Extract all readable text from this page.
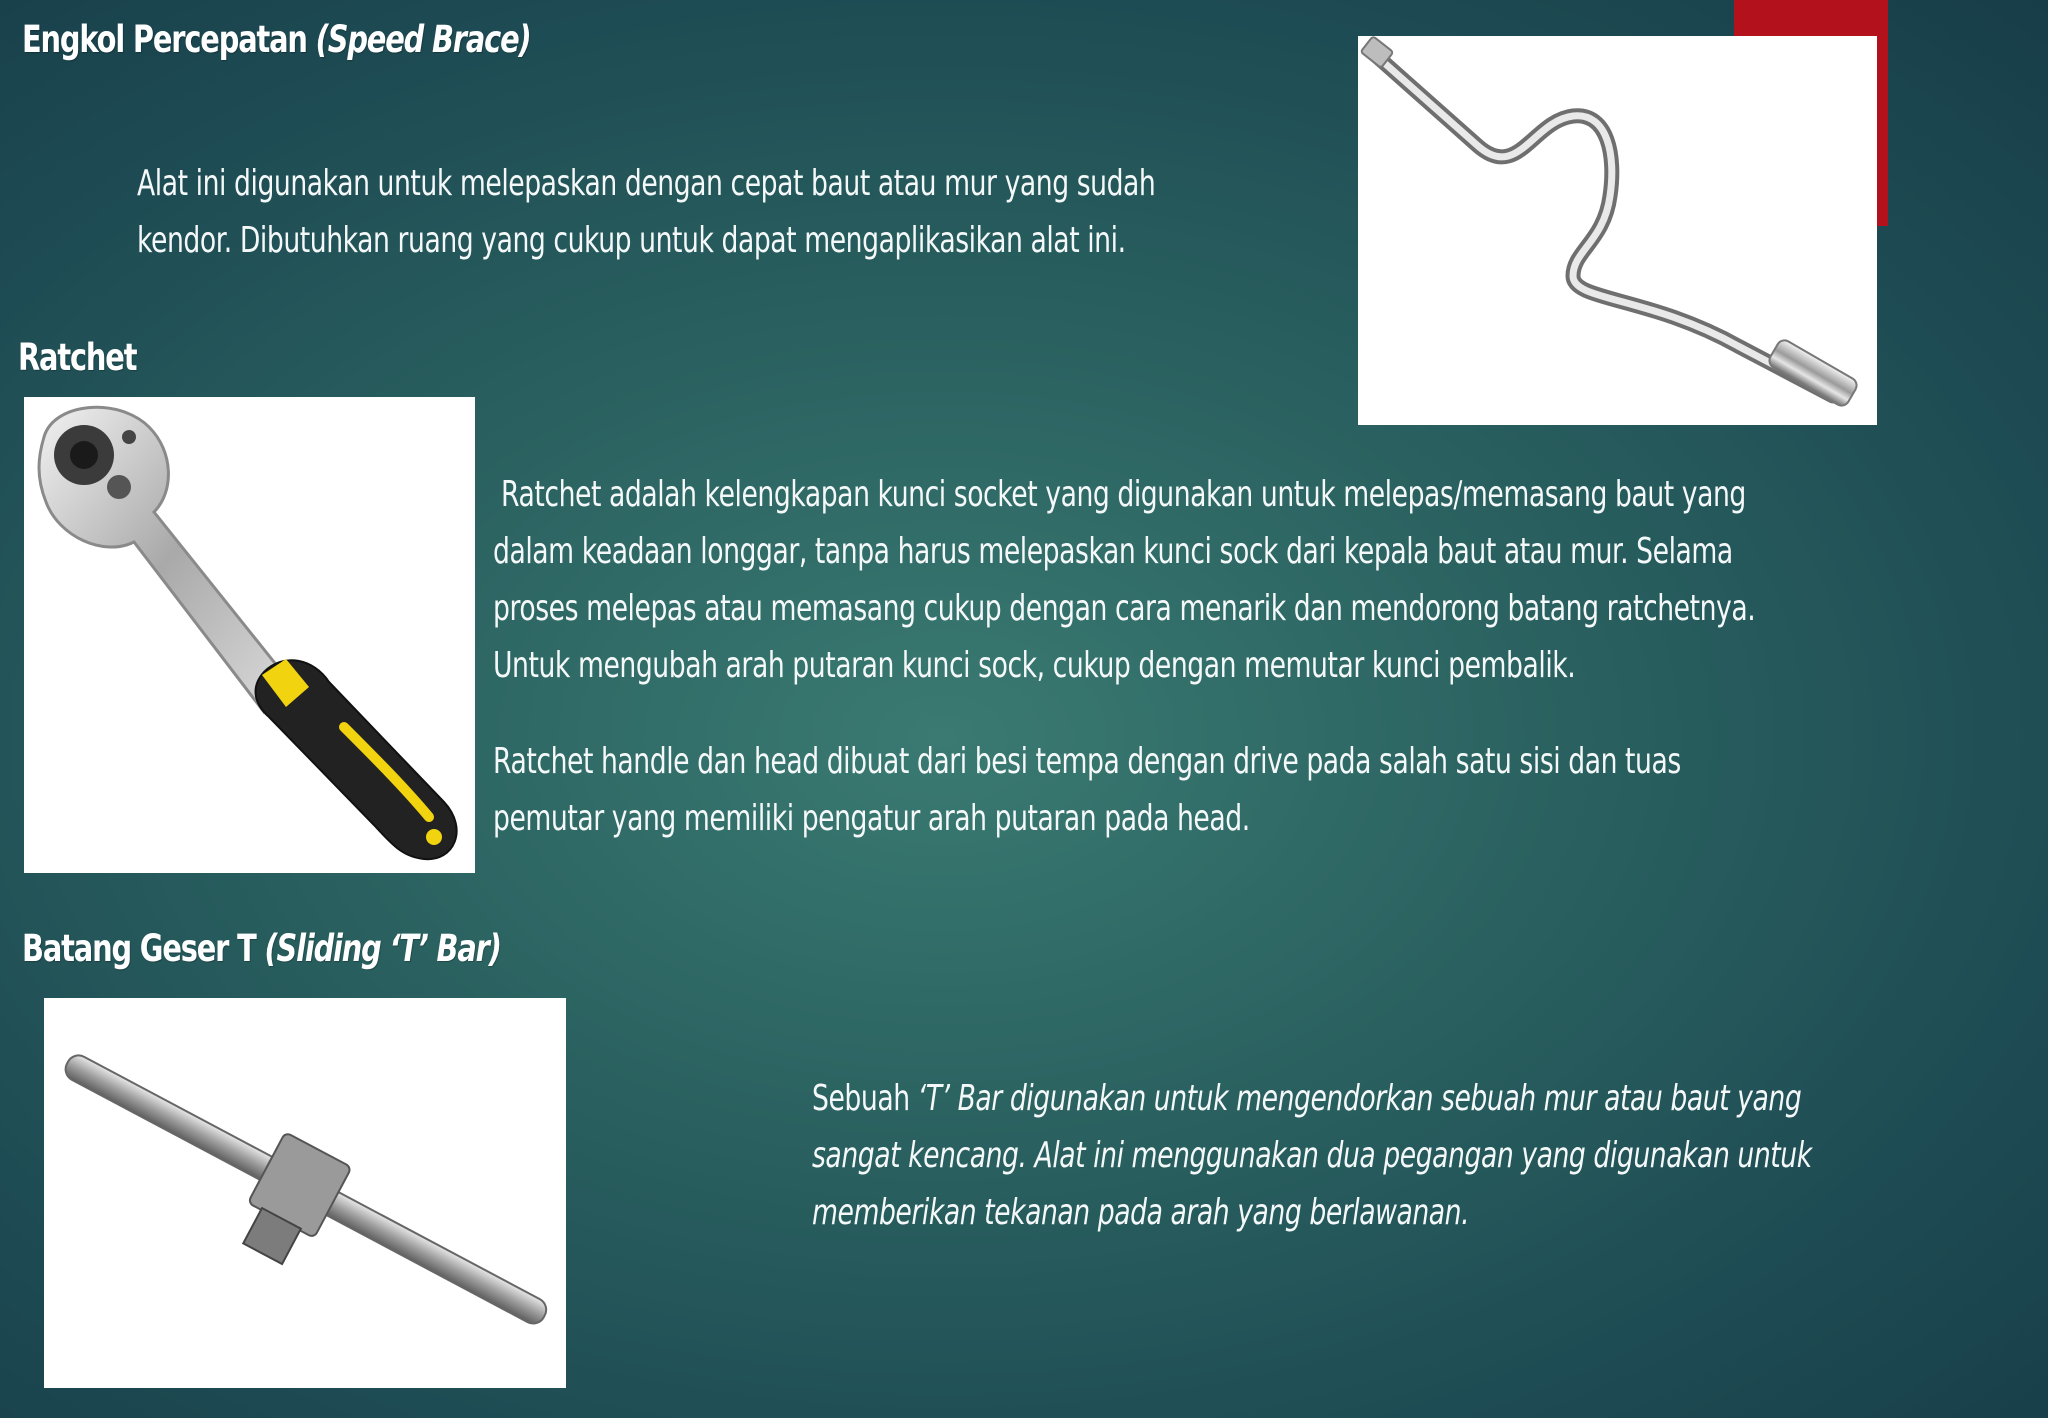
Engkol Percepatan (Speed Brace)

Alat ini digunakan untuk melepaskan dengan cepat baut atau mur yang sudah

kendor. Dibutuhkan ruang yang cukup untuk dapat mengaplikasikan alat ini.

Ratchet

Ratchet adalah kelengkapan kunci socket yang digunakan untuk melepas/memasang baut yang

dalam keadaan longgar, tanpa harus melepaskan kunci sock dari kepala baut atau mur. Selama

proses melepas atau memasang cukup dengan cara menarik dan mendorong batang ratchetnya.

Untuk mengubah arah putaran kunci sock, cukup dengan memutar kunci pembalik.

Ratchet handle dan head dibuat dari besi tempa dengan drive pada salah satu sisi dan tuas

pemutar yang memiliki pengatur arah putaran pada head.

Batang Geser T (Sliding ‘T’ Bar)

Sebuah ‘T’ Bar digunakan untuk mengendorkan sebuah mur atau baut yang

sangat kencang. Alat ini menggunakan dua pegangan yang digunakan untuk

memberikan tekanan pada arah yang berlawanan.
